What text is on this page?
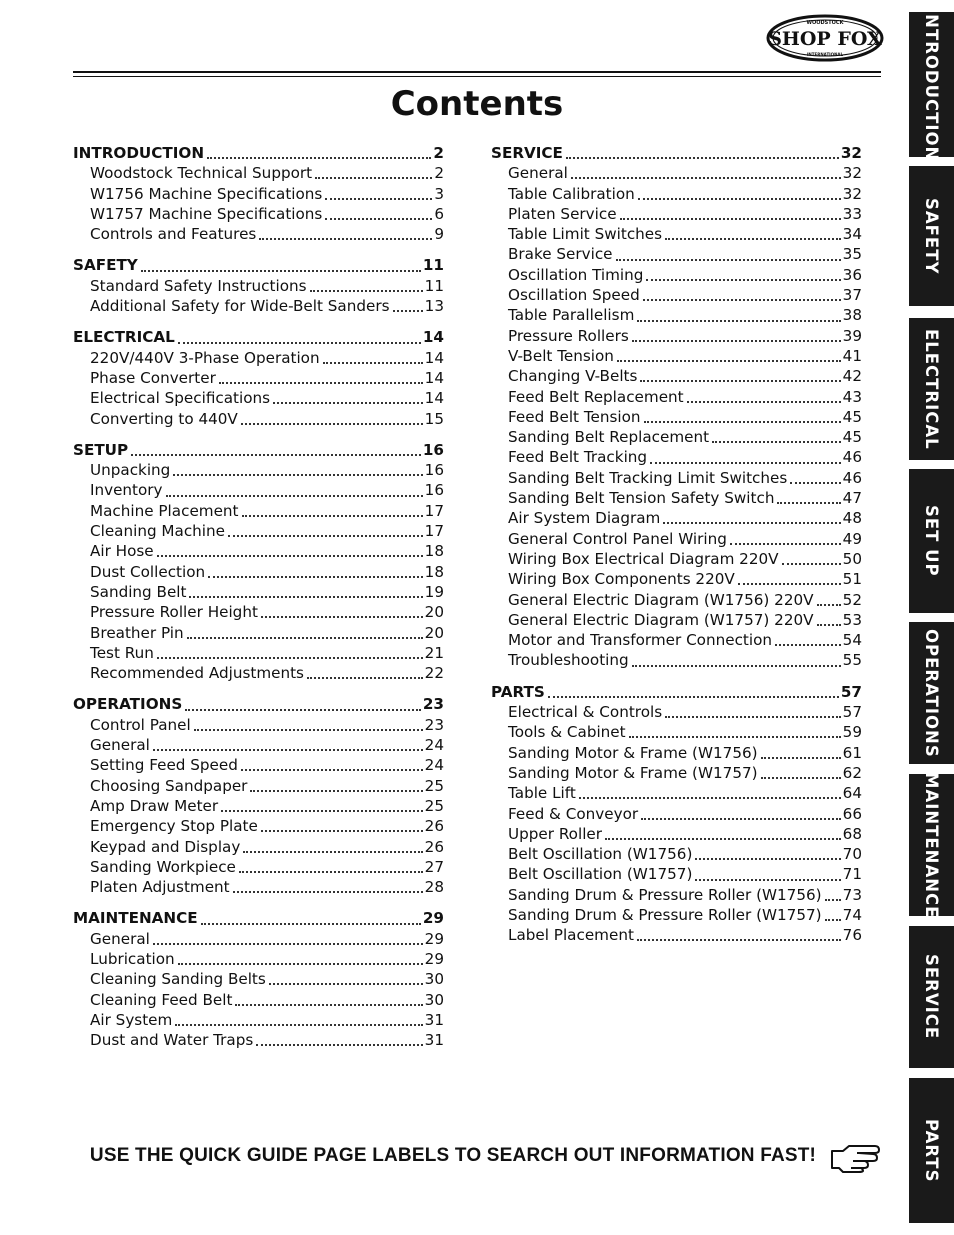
WOODSTOCK
SHOP FOX
INTERNATIONAL
Contents
INTRODUCTION	2
Woodstock Technical Support	2
W1756 Machine Specifications	3
W1757 Machine Specifications	6
Controls and Features	9
SAFETY	11
Standard Safety Instructions	11
Additional Safety for Wide-Belt Sanders 13
ELECTRICAL	14
220V/440V 3-Phase Operation	14
Phase Converter	14
Electrical Specifications	14
Converting to 440V	15
SETUP	16
Unpacking	16
Inventory	16
Machine Placement	17
Cleaning Machine	17
Air Hose	18
Dust Collection	18
Sanding Belt	19
Pressure Roller Height	20
Breather Pin	20
Test Run	21
Recommended Adjustments	22
OPERATIONS	23
Control Panel	23
General	24
Setting Feed Speed	24
Choosing Sandpaper	25
Amp Draw Meter	25
Emergency Stop Plate	26
Keypad and Display	26
Sanding Workpiece	27
Platen Adjustment	28
MAINTENANCE	29
General	29
Lubrication	29
Cleaning Sanding Belts	30
Cleaning Feed Belt	30
Air System	31
Dust and Water Traps	31
SERVICE	32
General	32
Table Calibration	32
Platen Service	33
Table Limit Switches	34
Brake Service	35
Oscillation Timing	36
Oscillation Speed	37
Table Parallelism	38
Pressure Rollers	39
V-Belt Tension	41
Changing V-Belts	42
Feed Belt Replacement	43
Feed Belt Tension	45
Sanding Belt Replacement	45
Feed Belt Tracking	46
Sanding Belt Tracking Limit Switches	46
Sanding Belt Tension Safety Switch	47
Air System Diagram	48
General Control Panel Wiring	49
Wiring Box Electrical Diagram 220V	50
Wiring Box Components 220V	51
General Electric Diagram (W1756) 220V 52
General Electric Diagram (W1757) 220V 53
Motor and Transformer Connection	54
Troubleshooting	55
PARTS	57
Electrical & Controls	57
Tools & Cabinet	59
Sanding Motor & Frame (W1756)	61
Sanding Motor & Frame (W1757)	62
Table Lift	64
Feed & Conveyor	66
Upper Roller	68
Belt Oscillation (W1756)	70
Belt Oscillation (W1757)	71
Sanding Drum & Pressure Roller (W1756) 73
Sanding Drum & Pressure Roller (W1757) 74
Label Placement	76
INTRODUCTION
SAFETY
ELECTRICAL
SET UP
OPERATIONS
MAINTENANCE
SERVICE
PARTS
USE THE QUICK GUIDE PAGE LABELS TO SEARCH OUT INFORMATION FAST!
